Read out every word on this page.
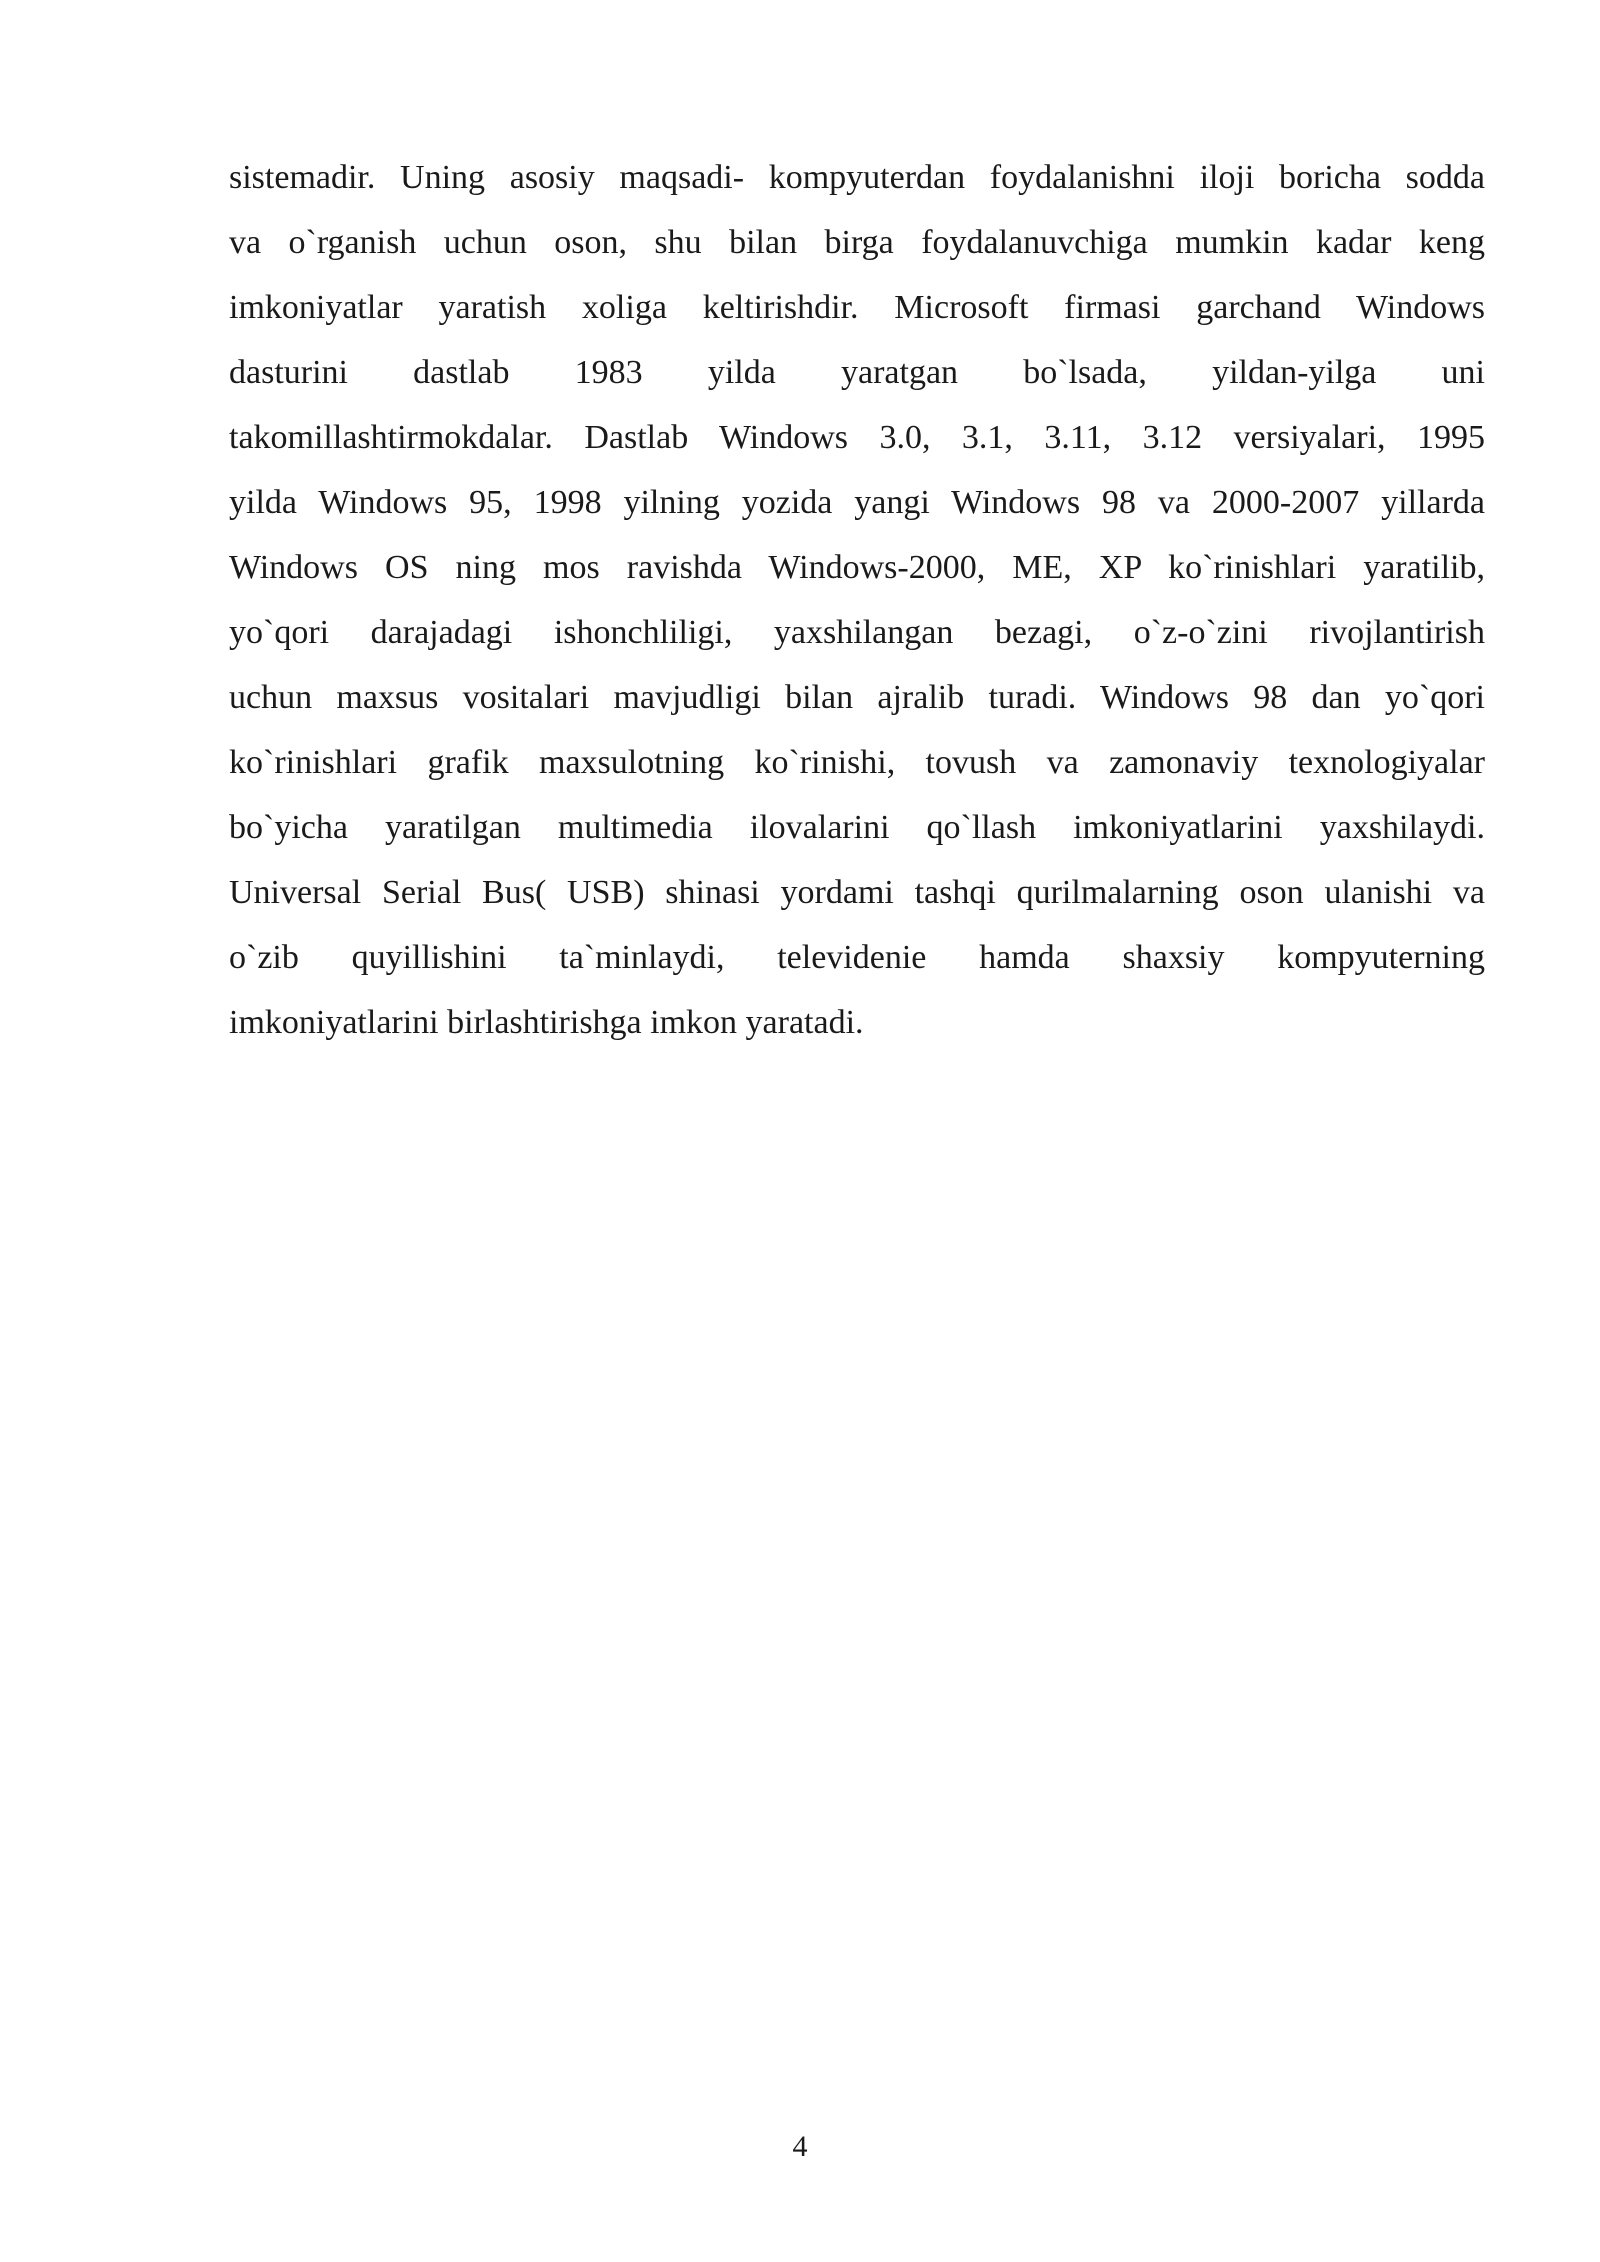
sistemadir. Uning asosiy maqsadi- kompyuterdan foydalanishni iloji boricha sodda
va o`rganish uchun oson, shu bilan birga foydalanuvchiga mumkin kadar keng
imkoniyatlar yaratish xoliga keltirishdir. Microsoft firmasi garchand Windows
dasturini dastlab 1983 yilda yaratgan bo`lsada, yildan-yilga uni
takomillashtirmokdalar. Dastlab Windows 3.0, 3.1, 3.11, 3.12 versiyalari, 1995
yilda Windows 95, 1998 yilning yozida yangi Windows 98 va 2000-2007 yillarda
Windows OS ning mos ravishda Windows-2000, ME, XP ko`rinishlari yaratilib,
yo`qori darajadagi ishonchliligi, yaxshilangan bezagi, o`z-o`zini rivojlantirish
uchun maxsus vositalari mavjudligi bilan ajralib turadi. Windows 98 dan yo`qori
ko`rinishlari grafik maxsulotning ko`rinishi, tovush va zamonaviy texnologiyalar
bo`yicha yaratilgan multimedia ilovalarini qo`llash imkoniyatlarini yaxshilaydi.
Universal Serial Bus( USB) shinasi yordami tashqi qurilmalarning oson ulanishi va
o`zib quyillishini ta`minlaydi, televidenie hamda shaxsiy kompyuterning
imkoniyatlarini birlashtirishga imkon yaratadi.
4
